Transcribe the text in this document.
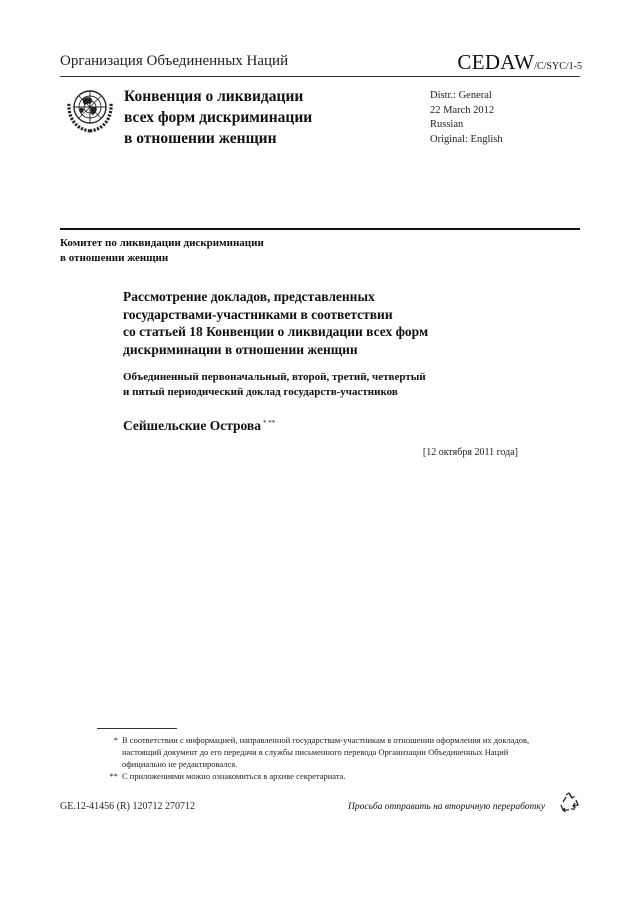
Организация Объединенных Наций	CEDAW/C/SYC/1-5
Конвенция о ликвидации
всех форм дискриминации
в отношении женщин
Distr.: General
22 March 2012
Russian
Original: English
Комитет по ликвидации дискриминации
в отношении женщин
Рассмотрение докладов, представленных
государствами-участниками в соответствии
со статьей 18 Конвенции о ликвидации всех форм
дискриминации в отношении женщин
Объединенный первоначальный, второй, третий, четвертый
и пятый периодический доклад государств-участников
Сейшельские Острова * **
[12 октября 2011 года]
* В соответствии с информацией, направленной государствам-участникам в отношении оформления их докладов, настоящий документ до его передачи в службы письменного перевода Организации Объединенных Наций официально не редактировался.
** С приложениями можно ознакомиться в архиве секретариата.
GE.12-41456 (R) 120712 270712	Просьба отправить на вторичную переработку
